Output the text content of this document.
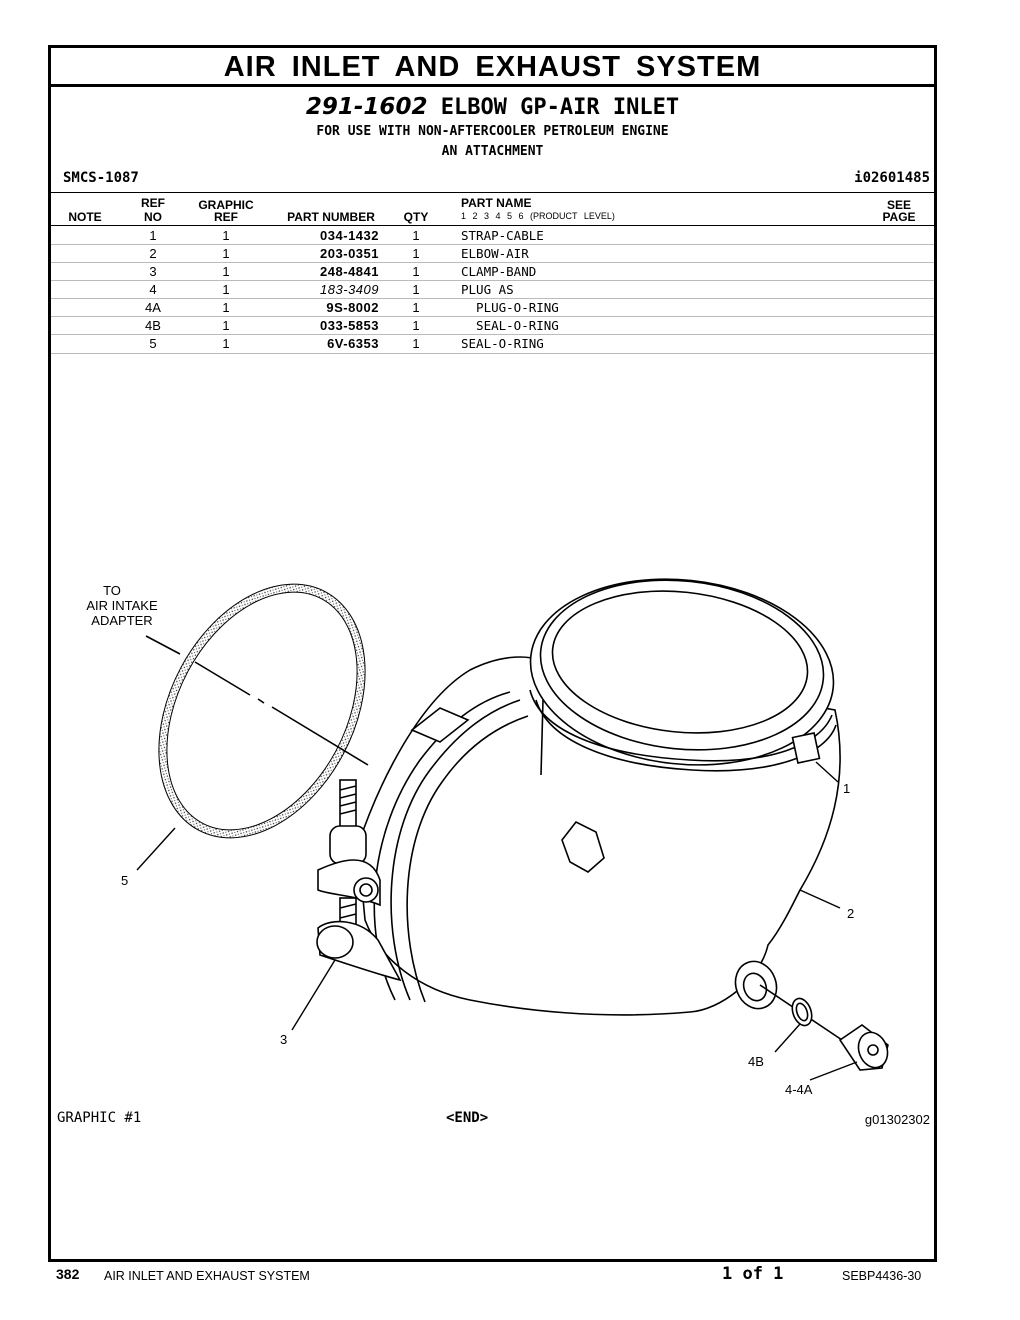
AIR INLET AND EXHAUST SYSTEM
291-1602 ELBOW GP-AIR INLET
FOR USE WITH NON-AFTERCOOLER PETROLEUM ENGINE
AN ATTACHMENT
SMCS-1087	i02601485
NOTE
REF
NO
GRAPHIC
REF	PART NUMBER	QTY
PART NAME
1 2 3 4 5 6 (PRODUCT LEVEL)
SEE
PAGE
1	1	034-1432	1	STRAP-CABLE
2	1	203-0351	1	ELBOW-AIR
3	1	248-4841	1	CLAMP-BAND
4	1	183-3409	1	PLUG AS
4A	1	9S-8002	1	PLUG-O-RING
4B	1	033-5853	1	SEAL-O-RING
5	1	6V-6353	1	SEAL-O-RING
GRAPHIC #1	<END>	g01302302
TO
AIR INTAKE
ADAPTER
1
2
3
5
4B
4-4A
382 AIR INLET AND EXHAUST SYSTEM	1 of 1	SEBP4436-30
